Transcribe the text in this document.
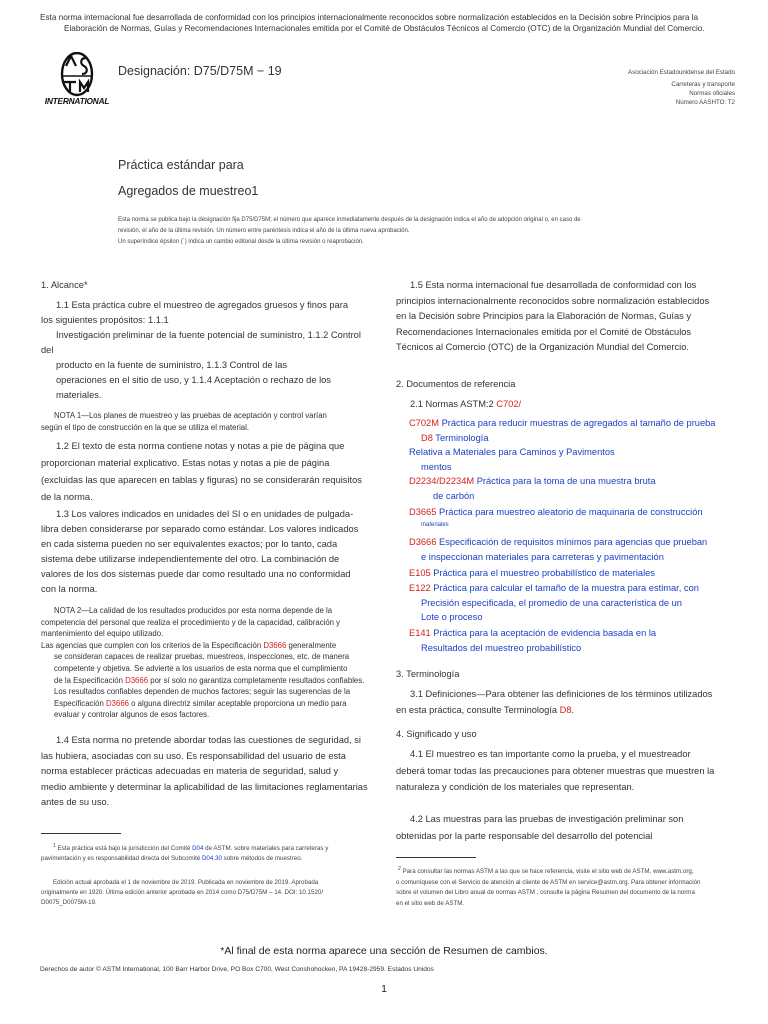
Esta norma internacional fue desarrollada de conformidad con los principios internacionalmente reconocidos sobre normalización establecidos en la Decisión sobre Principios para la
Elaboración de Normas, Guías y Recomendaciones Internacionales emitida por el Comité de Obstáculos Técnicos al Comercio (OTC) de la Organización Mundial del Comercio.
INTERNATIONAL
Designación: D75/D75M − 19	Asociación Estadounidense del Estado
Carreteras y transporte
Normas oficiales
Número AASHTO: T2
Práctica estándar para
Agregados de muestreo1
Esta norma se publica bajo la designación fija D75/D75M; el número que aparece inmediatamente después de la designación indica el año de adopción original o, en caso de
revisión, el año de la última revisión. Un número entre paréntesis indica el año de la última nueva aprobación.
Un superíndice épsilon (´) indica un cambio editorial desde la última revisión o reaprobación.
1. Alcance*
1.1 Esta práctica cubre el muestreo de agregados gruesos y finos para
los siguientes propósitos: 1.1.1
Investigación preliminar de la fuente potencial de suministro, 1.1.2 Control
del
producto en la fuente de suministro, 1.1.3 Control de las
operaciones en el sitio de uso, y 1.1.4 Aceptación o rechazo de los
materiales.
NOTA 1—Los planes de muestreo y las pruebas de aceptación y control varían
según el tipo de construcción en la que se utiliza el material.
1.2 El texto de esta norma contiene notas y notas a pie de página que
proporcionan material explicativo. Estas notas y notas a pie de página
(excluidas las que aparecen en tablas y figuras) no se considerarán requisitos
de la norma.
1.3 Los valores indicados en unidades del SI o en unidades de pulgada-
libra deben considerarse por separado como estándar. Los valores indicados
en cada sistema pueden no ser equivalentes exactos; por lo tanto, cada
sistema debe utilizarse independientemente del otro. La combinación de
valores de los dos sistemas puede dar como resultado una no conformidad
con la norma.
NOTA 2—La calidad de los resultados producidos por esta norma depende de la
competencia del personal que realiza el procedimiento y de la capacidad, calibración y
mantenimiento del equipo utilizado.
Las agencias que cumplen con los criterios de la Especificación D3666 generalmente
se consideran capaces de realizar pruebas, muestreos, inspecciones, etc. de manera
competente y objetiva. Se advierte a los usuarios de esta norma que el cumplimiento
de la Especificación D3666 por sí solo no garantiza completamente resultados confiables.
Los resultados confiables dependen de muchos factores; seguir las sugerencias de la
Especificación D3666 o alguna directriz similar aceptable proporciona un medio para
evaluar y controlar algunos de esos factores.
1.4 Esta norma no pretende abordar todas las cuestiones de seguridad, si
las hubiera, asociadas con su uso. Es responsabilidad del usuario de esta
norma establecer prácticas adecuadas en materia de seguridad, salud y
medio ambiente y determinar la aplicabilidad de las limitaciones reglamentarias
antes de su uso.
$^1$ Esta práctica está bajo la jurisdicción del Comité D04 de ASTM. sobre materiales para carreteras y
pavimentación y es responsabilidad directa del Subcomité D04.30 sobre métodos de muestreo.
Edición actual aprobada el 1 de noviembre de 2019. Publicada en noviembre de 2019. Aprobada
originalmente en 1920. Última edición anterior aprobada en 2014 como D75/D75M – 14. DOI: 10.1520/
D0075_D0075M-19.
1.5 Esta norma internacional fue desarrollada de conformidad con los
principios internacionalmente reconocidos sobre normalización establecidos
en la Decisión sobre Principios para la Elaboración de Normas, Guías y
Recomendaciones Internacionales emitida por el Comité de Obstáculos
Técnicos al Comercio (OTC) de la Organización Mundial del Comercio.
2. Documentos de referencia
2.1 Normas ASTM:2 C702/
C702M Práctica para reducir muestras de agregados al tamaño de prueba
D8 Terminología
Relativa a Materiales para Caminos y Pavimentos
mentos
D2234/D2234M Práctica para la toma de una muestra bruta
de carbón
D3665 Práctica para muestreo aleatorio de maquinaria de construcción
materiales
D3666 Especificación de requisitos mínimos para agencias que prueban
e inspeccionan materiales para carreteras y pavimentación
E105 Práctica para el muestreo probabilístico de materiales
E122 Práctica para calcular el tamaño de la muestra para estimar, con
Precisión especificada, el promedio de una característica de un
Lote o proceso
E141 Práctica para la aceptación de evidencia basada en la
Resultados del muestreo probabilístico
3. Terminología
3.1 Definiciones—Para obtener las definiciones de los términos utilizados
en esta práctica, consulte Terminología D8.
4. Significado y uso
4.1 El muestreo es tan importante como la prueba, y el muestreador
deberá tomar todas las precauciones para obtener muestras que muestren la
naturaleza y condición de los materiales que representan.
4.2 Las muestras para las pruebas de investigación preliminar son
obtenidas por la parte responsable del desarrollo del potencial
$^2$ Para consultar las normas ASTM a las que se hace referencia, visite el sitio web de ASTM, www.astm.org,
o comuníquese con el Servicio de atención al cliente de ASTM en service@astm.org. Para obtener información
sobre el volumen del Libro anual de normas ASTM , consulte la página Resumen del documento de la norma
en el sitio web de ASTM.
*Al final de esta norma aparece una sección de Resumen de cambios.
Derechos de autor © ASTM International, 100 Barr Harbor Drive, PO Box C700, West Conshohocken, PA 19428-2959. Estados Unidos
1
